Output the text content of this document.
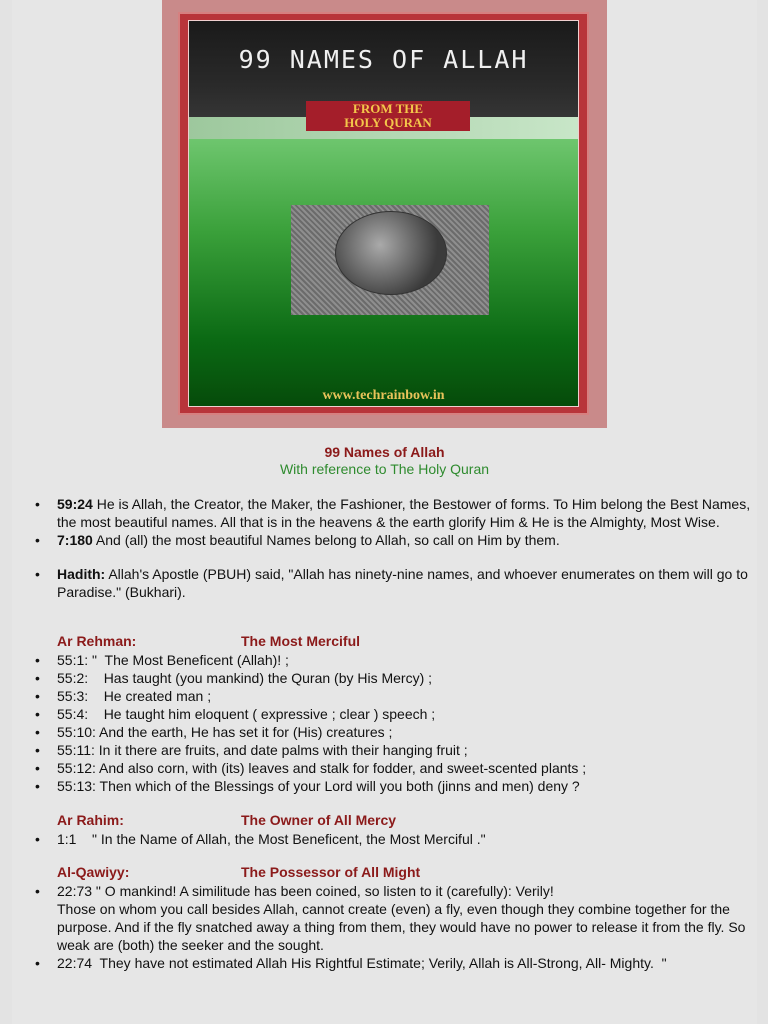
99 NAMES OF ALLAH
FROM THE
HOLY QURAN
www.techrainbow.in
99 Names of Allah
With reference to The Holy Quran
• 59:24 He is Allah, the Creator, the Maker, the Fashioner, the Bestower of forms. To Him belong the Best Names, the most beautiful names. All that is in the heavens & the earth glorify Him & He is the Almighty, Most Wise.
• 7:180 And (all) the most beautiful Names belong to Allah, so call on Him by them.
• Hadith: Allah's Apostle (PBUH) said, "Allah has ninety-nine names, and whoever enumerates on them will go to Paradise." (Bukhari).
Ar Rehman:	The Most Merciful
• 55:1: "  The Most Beneficent (Allah)! ;
• 55:2:    Has taught (you mankind) the Quran (by His Mercy) ;
• 55:3:    He created man ;
• 55:4:    He taught him eloquent ( expressive ; clear ) speech ;
• 55:10: And the earth, He has set it for (His) creatures ;
• 55:11: In it there are fruits, and date palms with their hanging fruit ;
• 55:12: And also corn, with (its) leaves and stalk for fodder, and sweet-scented plants ;
• 55:13: Then which of the Blessings of your Lord will you both (jinns and men) deny ?
Ar Rahim:	The Owner of All Mercy
• 1:1    " In the Name of Allah, the Most Beneficent, the Most Merciful ."
Al-Qawiyy:	The Possessor of All Might
• 22:73 " O mankind! A similitude has been coined, so listen to it (carefully): Verily!
Those on whom you call besides Allah, cannot create (even) a fly, even though they combine together for the purpose. And if the fly snatched away a thing from them, they would have no power to release it from the fly. So weak are (both) the seeker and the sought.
• 22:74  They have not estimated Allah His Rightful Estimate; Verily, Allah is All-Strong, All- Mighty.  "
